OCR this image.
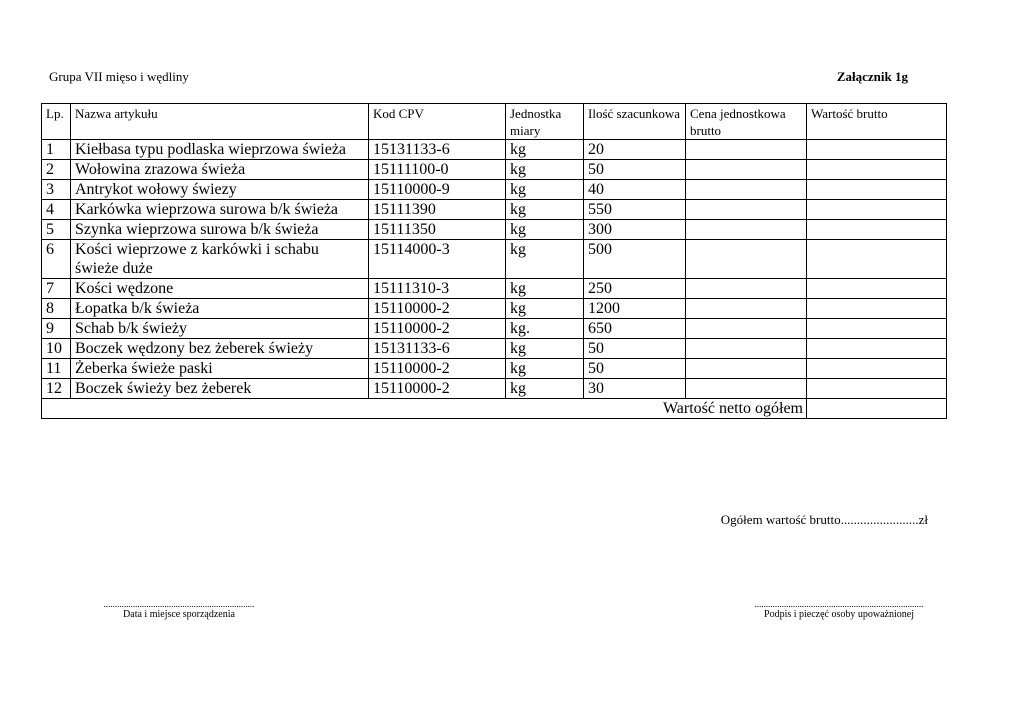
Grupa VII mięso i wędliny	Załącznik 1g
Lp.	Nazwa artykułu	Kod CPV	Jednostka miary	Ilość szacunkowa	Cena jednostkowa brutto	Wartość brutto
1	Kiełbasa typu podlaska wieprzowa świeża	15131133-6	kg	20		
2	Wołowina zrazowa świeża	15111100-0	kg	50		
3	Antrykot wołowy świezy	15110000-9	kg	40		
4	Karkówka wieprzowa surowa b/k świeża	15111390	kg	550		
5	Szynka wieprzowa surowa b/k świeża	15111350	kg	300		
6	Kości wieprzowe z karkówki i schabu świeże duże	15114000-3	kg	500		
7	Kości wędzone	15111310-3	kg	250		
8	Łopatka b/k świeża	15110000-2	kg	1200		
9	Schab b/k świeży	15110000-2	kg.	650		
10	Boczek wędzony bez żeberek świeży	15131133-6	kg	50		
11	Żeberka świeże paski	15110000-2	kg	50		
12	Boczek świeży bez żeberek	15110000-2	kg	30		
Wartość netto ogółem						
Ogółem wartość brutto........................zł
...................................................................
Data i miejsce sporządzenia
...........................................................................
Podpis i pieczęć osoby upoważnionej
